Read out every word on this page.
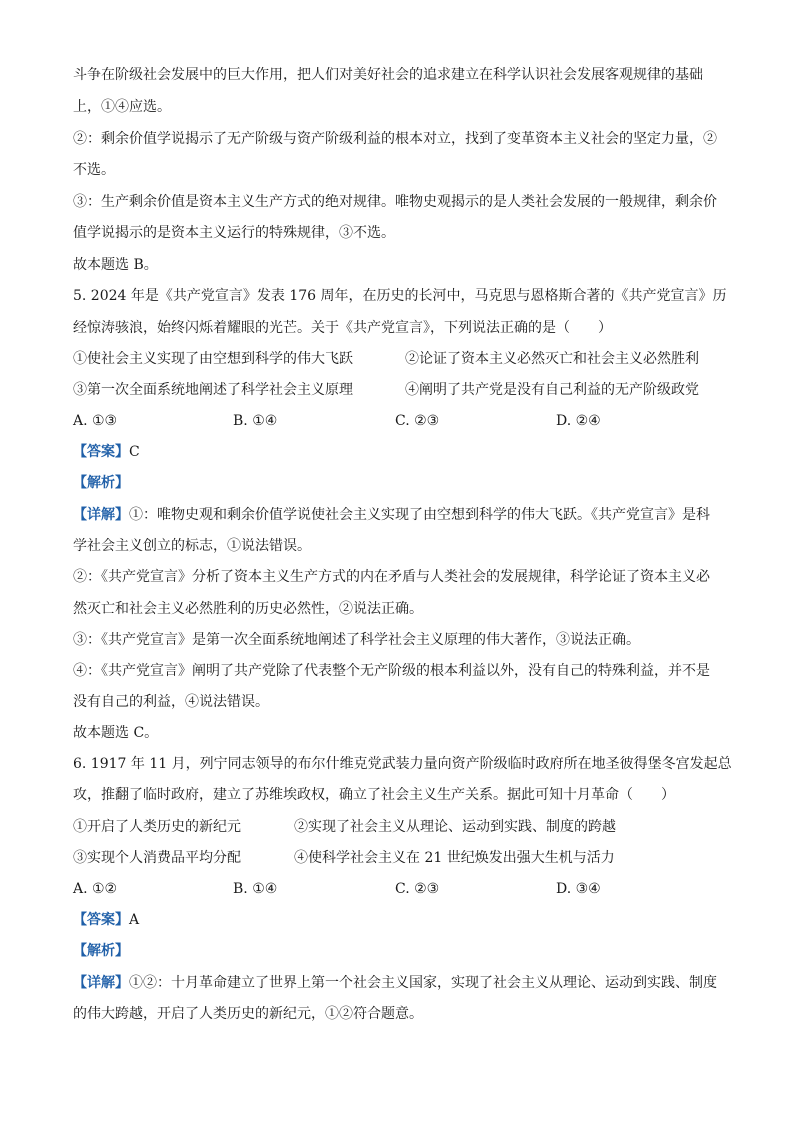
斗争在阶级社会发展中的巨大作用，把人们对美好社会的追求建立在科学认识社会发展客观规律的基础
上，①④应选。
②：剩余价值学说揭示了无产阶级与资产阶级利益的根本对立，找到了变革资本主义社会的坚定力量，②
不选。
③：生产剩余价值是资本主义生产方式的绝对规律。唯物史观揭示的是人类社会发展的一般规律，剩余价
值学说揭示的是资本主义运行的特殊规律，③不选。
故本题选 B。
5. 2024 年是《共产党宣言》发表 176 周年，在历史的长河中，马克思与恩格斯合著的《共产党宣言》历
经惊涛骇浪，始终闪烁着耀眼的光芒。关于《共产党宣言》，下列说法正确的是（　　）
①使社会主义实现了由空想到科学的伟大飞跃	②论证了资本主义必然灭亡和社会主义必然胜利
③第一次全面系统地阐述了科学社会主义原理	④阐明了共产党是没有自己利益的无产阶级政党
A. ①③	B. ①④	C. ②③	D. ②④
【答案】C
【解析】
【详解】①：唯物史观和剩余价值学说使社会主义实现了由空想到科学的伟大飞跃。《共产党宣言》是科
学社会主义创立的标志，①说法错误。
②：《共产党宣言》分析了资本主义生产方式的内在矛盾与人类社会的发展规律，科学论证了资本主义必
然灭亡和社会主义必然胜利的历史必然性，②说法正确。
③：《共产党宣言》是第一次全面系统地阐述了科学社会主义原理的伟大著作，③说法正确。
④：《共产党宣言》阐明了共产党除了代表整个无产阶级的根本利益以外，没有自己的特殊利益，并不是
没有自己的利益，④说法错误。
故本题选 C。
6. 1917 年 11 月，列宁同志领导的布尔什维克党武装力量向资产阶级临时政府所在地圣彼得堡冬宫发起总
攻，推翻了临时政府，建立了苏维埃政权，确立了社会主义生产关系。据此可知十月革命（　　）
①开启了人类历史的新纪元	②实现了社会主义从理论、运动到实践、制度的跨越
③实现个人消费品平均分配	④使科学社会主义在 21 世纪焕发出强大生机与活力
A. ①②	B. ①④	C. ②③	D. ③④
【答案】A
【解析】
【详解】①②：十月革命建立了世界上第一个社会主义国家，实现了社会主义从理论、运动到实践、制度
的伟大跨越，开启了人类历史的新纪元，①②符合题意。
